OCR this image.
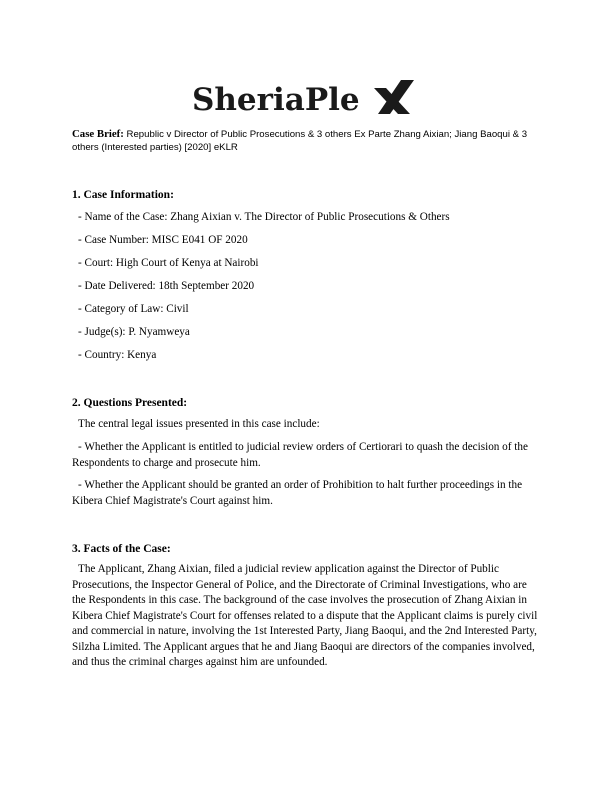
SheriaPle

Case Brief: Republic v Director of Public Prosecutions & 3 others Ex Parte Zhang Aixian; Jiang Baoqui & 3 others (Interested parties) [2020] eKLR

1. Case Information:

- Name of the Case: Zhang Aixian v. The Director of Public Prosecutions & Others

- Case Number: MISC E041 OF 2020

- Court: High Court of Kenya at Nairobi

- Date Delivered: 18th September 2020

- Category of Law: Civil

- Judge(s): P. Nyamweya

- Country: Kenya

2. Questions Presented:

The central legal issues presented in this case include:

- Whether the Applicant is entitled to judicial review orders of Certiorari to quash the decision of the Respondents to charge and prosecute him.

- Whether the Applicant should be granted an order of Prohibition to halt further proceedings in the Kibera Chief Magistrate's Court against him.

3. Facts of the Case:

The Applicant, Zhang Aixian, filed a judicial review application against the Director of Public Prosecutions, the Inspector General of Police, and the Directorate of Criminal Investigations, who are the Respondents in this case. The background of the case involves the prosecution of Zhang Aixian in Kibera Chief Magistrate's Court for offenses related to a dispute that the Applicant claims is purely civil and commercial in nature, involving the 1st Interested Party, Jiang Baoqui, and the 2nd Interested Party, Silzha Limited. The Applicant argues that he and Jiang Baoqui are directors of the companies involved, and thus the criminal charges against him are unfounded.
